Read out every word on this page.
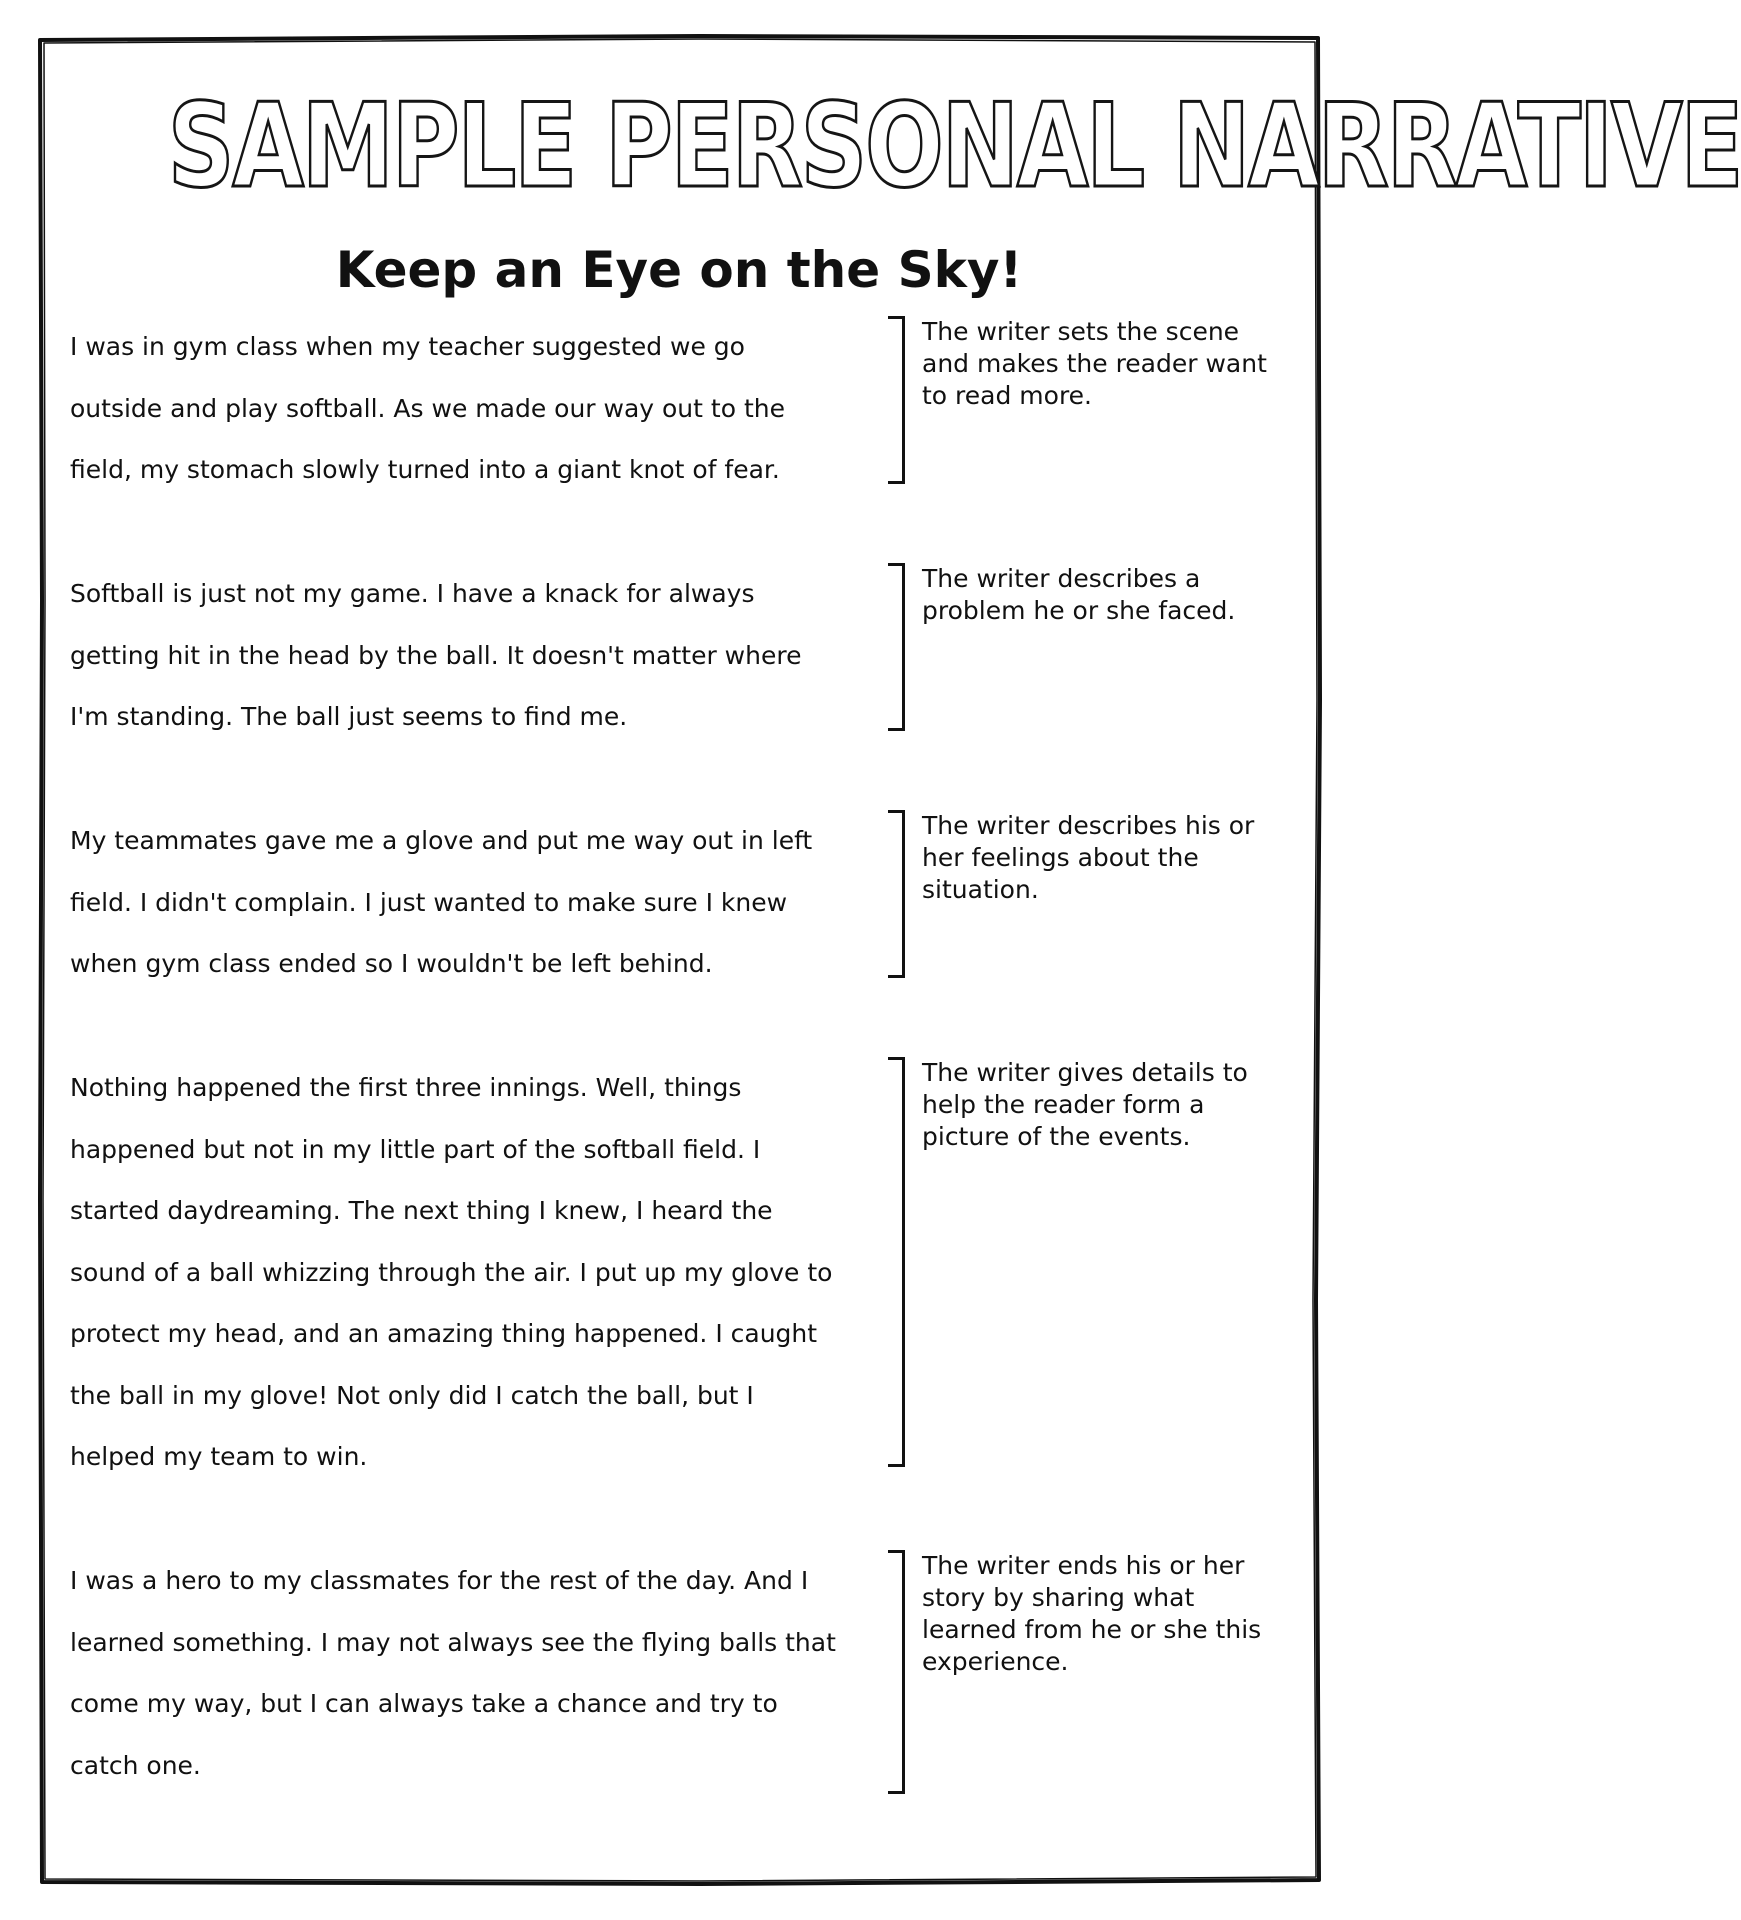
SAMPLE PERSONAL NARRATIVE
Keep an Eye on the Sky!

I was in gym class when my teacher suggested we go outside and play softball. As we made our way out to the field, my stomach slowly turned into a giant knot of fear.

The writer sets the scene and makes the reader want to read more.

Softball is just not my game. I have a knack for always getting hit in the head by the ball. It doesn't matter where I'm standing. The ball just seems to find me.

The writer describes a problem he or she faced.

My teammates gave me a glove and put me way out in left field. I didn't complain. I just wanted to make sure I knew when gym class ended so I wouldn't be left behind.

The writer describes his or her feelings about the situation.

Nothing happened the first three innings. Well, things happened but not in my little part of the softball field. I started daydreaming. The next thing I knew, I heard the sound of a ball whizzing through the air. I put up my glove to protect my head, and an amazing thing happened. I caught the ball in my glove! Not only did I catch the ball, but I helped my team to win.

The writer gives details to help the reader form a picture of the events.

I was a hero to my classmates for the rest of the day. And I learned something. I may not always see the flying balls that come my way, but I can always take a chance and try to catch one.

The writer ends his or her story by sharing what learned from he or she this experience.
